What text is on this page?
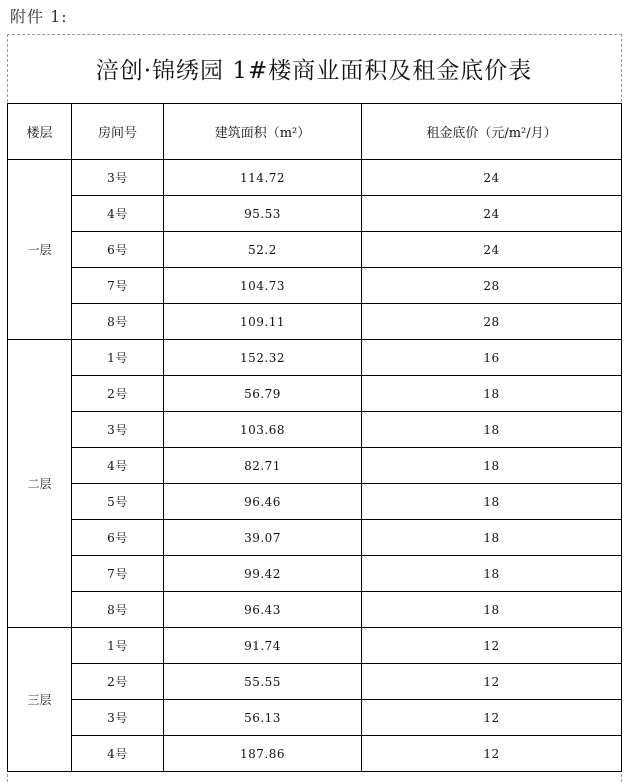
附件 1:
涪创·锦绣园 1#楼商业面积及租金底价表
楼层	房间号	建筑面积（m²）	租金底价（元/m²/月）
一层	3号	114.72	24
	4号	95.53	24
	6号	52.2	24
	7号	104.73	28
	8号	109.11	28
二层	1号	152.32	16
	2号	56.79	18
	3号	103.68	18
	4号	82.71	18
	5号	96.46	18
	6号	39.07	18
	7号	99.42	18
	8号	96.43	18
三层	1号	91.74	12
	2号	55.55	12
	3号	56.13	12
	4号	187.86	12
